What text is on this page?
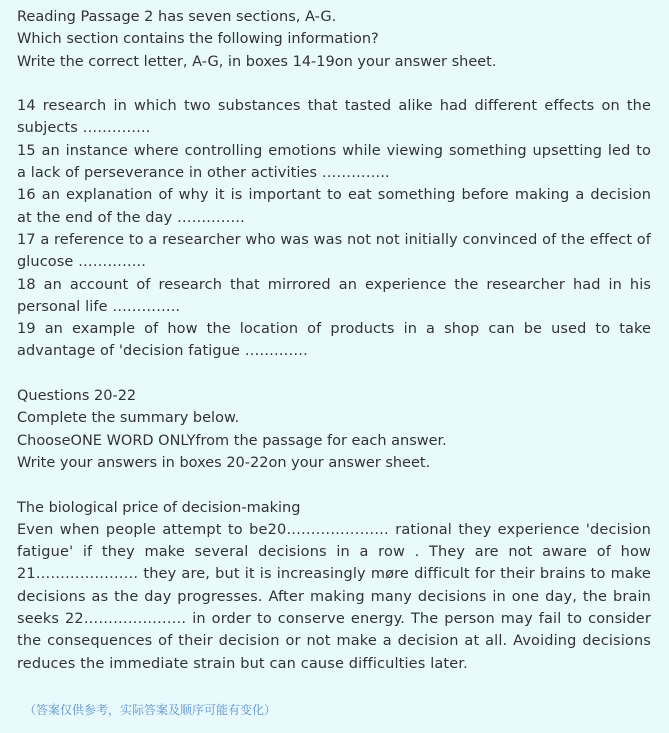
Reading Passage 2 has seven sections, A-G.

Which section contains the following information?

Write the correct letter, A-G, in boxes 14-19on your answer sheet.

14 research in which two substances that tasted alike had different effects on the subjects …………..

15 an instance where controlling emotions while viewing something upsetting led to a lack of perseverance in other activities …………..

16 an explanation of why it is important to eat something before making a decision at the end of the day …………..

17 a reference to a researcher who was was not not initially convinced of the effect of glucose …………..

18 an account of research that mirrored an experience the researcher had in his personal life …………..

19 an example of how the location of products in a shop can be used to take advantage of 'decision fatigue ………….

Questions 20-22

Complete the summary below.

ChooseONE WORD ONLYfrom the passage for each answer.

Write your answers in boxes 20-22on your answer sheet.

The biological price of decision-making

Even when people attempt to be20………………… rational they experience 'decision fatigue' if they make several decisions in a row . They are not aware of how 21………………… they are, but it is increasingly møre difficult for their brains to make decisions as the day progresses. After making many decisions in one day, the brain seeks 22………………… in order to conserve energy. The person may fail to consider the consequences of their decision or not make a decision at all. Avoiding decisions reduces the immediate strain but can cause difficulties later.

（答案仅供参考，实际答案及顺序可能有变化）
